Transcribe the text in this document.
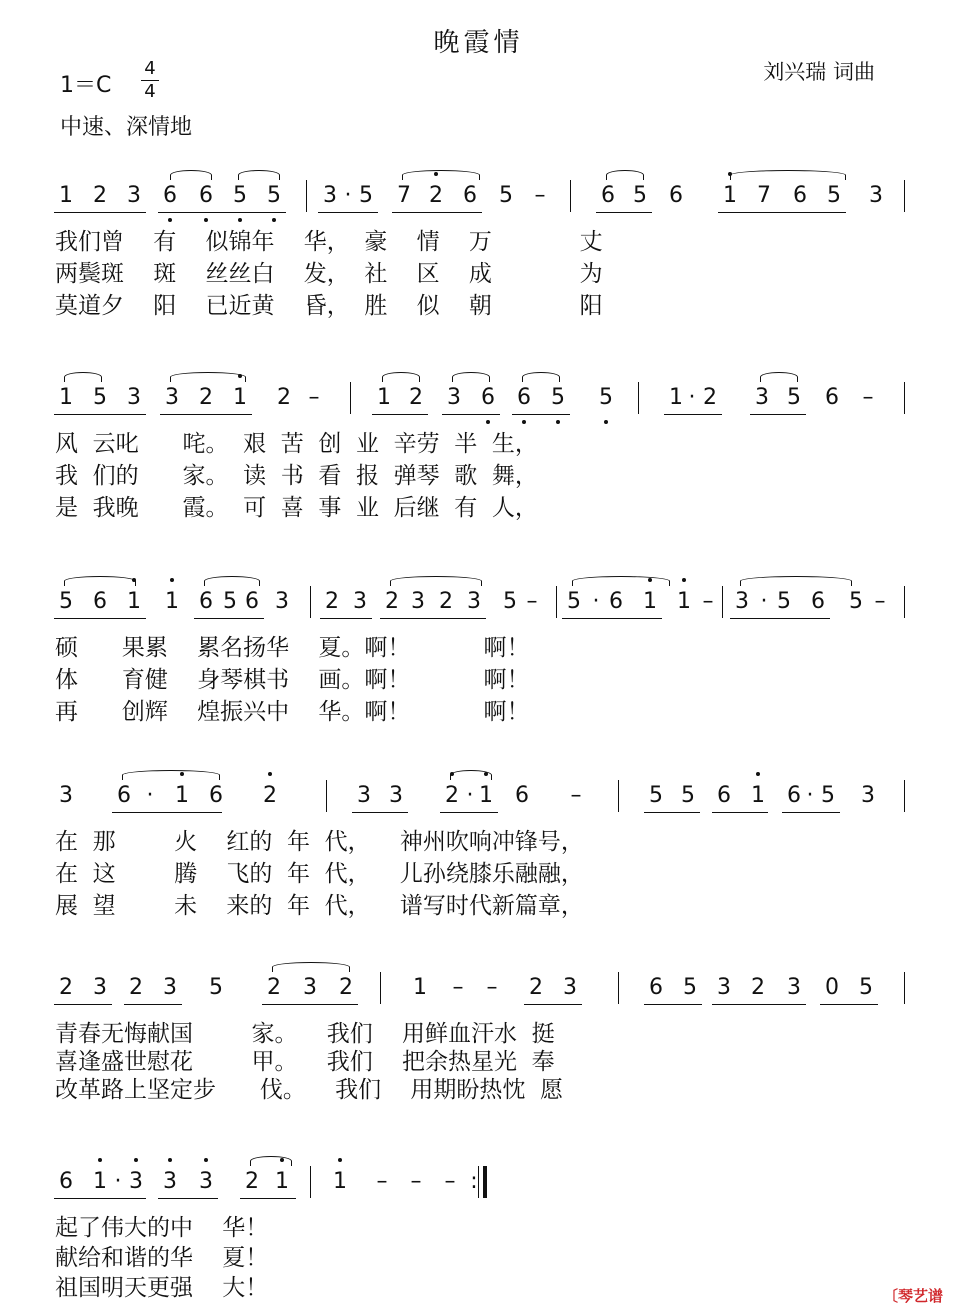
晚霞情
刘兴瑞 词曲
1＝C
4
4
中速、深情地
1 2 3 6 6 5 5 3 · 5 7 2 6 5 –	6 5 6 1 7 6 5 3
我们曾    有    似锦年    华，  豪    情    万            丈
两鬓斑    斑    丝丝白    发，  社    区    成            为
莫道夕    阳    已近黄    昏，  胜    似    朝            阳
1 5 3 3 2 1 2 –	1 2 3 6 6 5 5	1 · 2 3 5 6 –
风  云叱      咤。  艰  苦  创  业  辛劳  半  生，
我  们的      家。  读  书  看  报  弹琴  歌  舞，
是  我晚      霞。  可  喜  事  业  后继  有  人，
5 6 1 1 6 5 6 3 2 3 2 3 2 3 5 – 5 · 6 1 1 – 3 · 5 6 5 –
硕      果累    累名扬华    夏。啊！          啊！
体      育健    身琴棋书    画。啊！          啊！
再      创辉    煌振兴中    华。啊！          啊！
3 6 · 1 6 2	3 3 2 · 1 6 –	5 5 6 1 6 · 5 3
在  那        火    红的  年  代，    神州吹响冲锋号，
在  这        腾    飞的  年  代，    儿孙绕膝乐融融，
展  望        未    来的  年  代，    谱写时代新篇章，
2 3 2 3 5 2 3 2	1 – – 2 3	6 5 3 2 3 0 5
青春无悔献国        家。    我们    用鲜血汗水  挺
喜逢盛世慰花        甲。    我们    把余热星光  奉
改革路上坚定步      伐。    我们    用期盼热忱  愿
6 1 · 3 3 3 2 1 1 – – – :
起了伟大的中    华！
献给和谐的华    夏！
祖国明天更强    大！	〔琴艺谱
